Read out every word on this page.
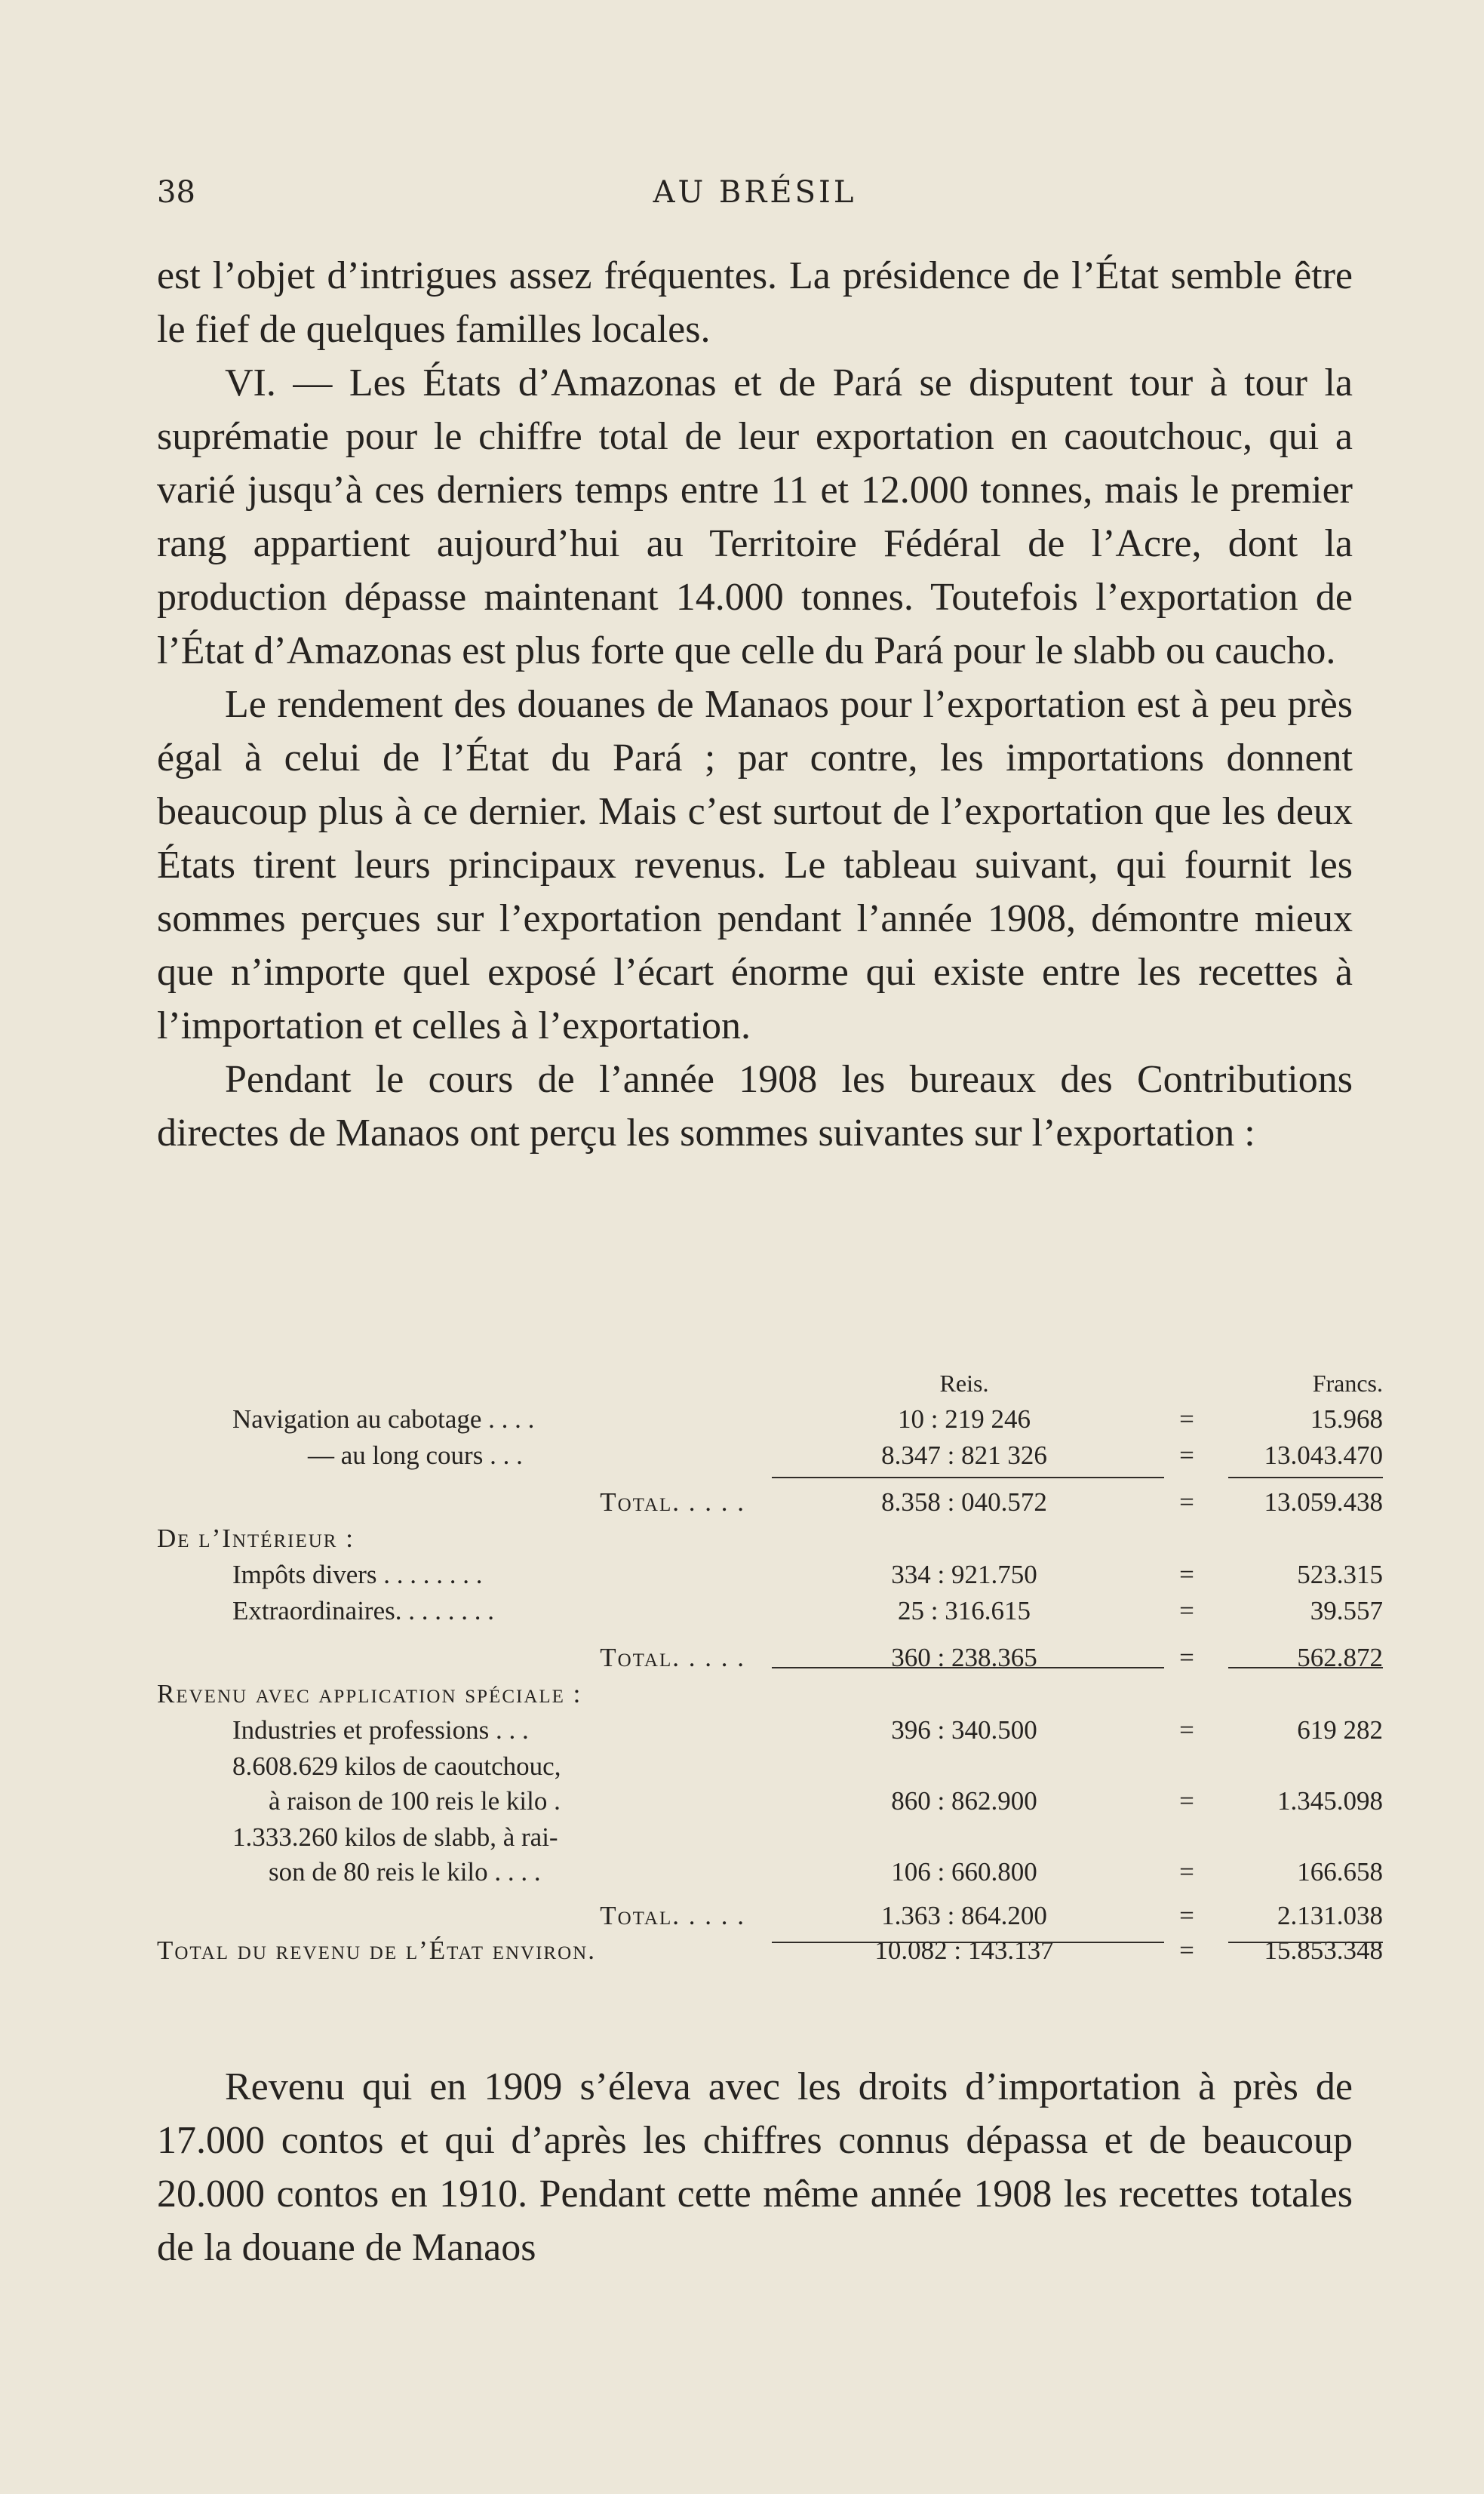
38	AU BRÉSIL

est l’objet d’intrigues assez fréquentes. La présidence de l’État semble être le fief de quelques familles locales.

VI. — Les États d’Amazonas et de Pará se disputent tour à tour la suprématie pour le chiffre total de leur exportation en caoutchouc, qui a varié jusqu’à ces derniers temps entre 11 et 12.000 tonnes, mais le premier rang appartient aujourd’hui au Territoire Fédéral de l’Acre, dont la production dépasse maintenant 14.000 tonnes. Toutefois l’exportation de l’État d’Amazonas est plus forte que celle du Pará pour le slabb ou caucho.

Le rendement des douanes de Manaos pour l’exportation est à peu près égal à celui de l’État du Pará ; par contre, les importations donnent beaucoup plus à ce dernier. Mais c’est surtout de l’exportation que les deux États tirent leurs principaux revenus. Le tableau suivant, qui fournit les sommes perçues sur l’exportation pendant l’année 1908, démontre mieux que n’importe quel exposé l’écart énorme qui existe entre les recettes à l’importation et celles à l’exportation.

Pendant le cours de l’année 1908 les bureaux des Contributions directes de Manaos ont perçu les sommes suivantes sur l’exportation :

Reis.	Francs.
Navigation au cabotage . . . .	10 : 219 246	=	15.968
— au long cours . . .	8.347 : 821 326	=	13.043.470
Total. . . . .	8.358 : 040.572	=	13.059.438
De l’Intérieur :
Impôts divers . . . . . . . .	334 : 921.750	=	523.315
Extraordinaires. . . . . . . .	25 : 316.615	=	39.557
Total. . . . .	360 : 238.365	=	562.872
Revenu avec application spéciale :
Industries et professions . . .	396 : 340.500	=	619 282
8.608.629 kilos de caoutchouc,
à raison de 100 reis le kilo .	860 : 862.900	=	1.345.098
1.333.260 kilos de slabb, à rai-
son de 80 reis le kilo . . . .	106 : 660.800	=	166.658
Total. . . . .	1.363 : 864.200	=	2.131.038
Total du revenu de l’État environ.	10.082 : 143.137	=	15.853.348

Revenu qui en 1909 s’éleva avec les droits d’importation à près de 17.000 contos et qui d’après les chiffres connus dépassa et de beaucoup 20.000 contos en 1910. Pendant cette même année 1908 les recettes totales de la douane de Manaos
